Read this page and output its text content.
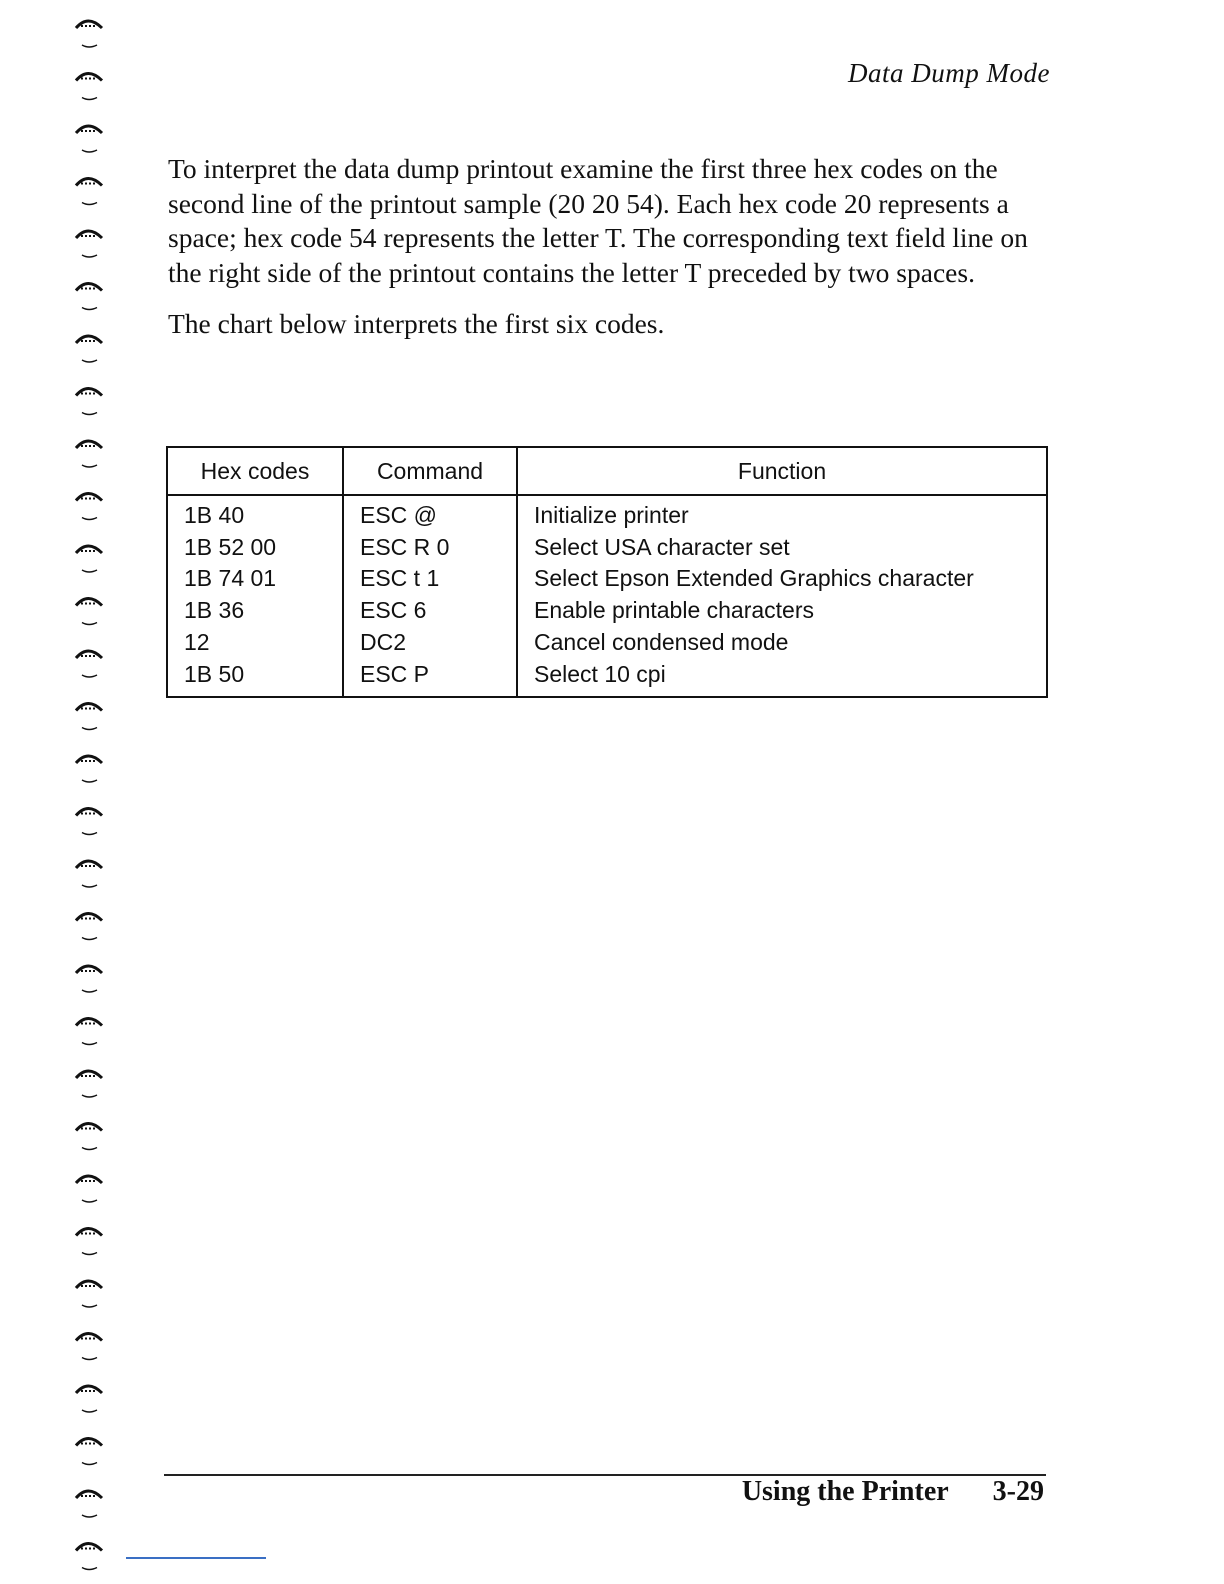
Data Dump Mode

To interpret the data dump printout examine the first three hex codes on the second line of the printout sample (20 20 54). Each hex code 20 represents a space; hex code 54 represents the letter T. The corresponding text field line on the right side of the printout contains the letter T preceded by two spaces.

The chart below interprets the first six codes.

Hex codes	Command	Function
1B 40	ESC @	Initialize printer
1B 52 00	ESC R 0	Select USA character set
1B 74 01	ESC t 1	Select Epson Extended Graphics character
1B 36	ESC 6	Enable printable characters
12	DC2	Cancel condensed mode
1B 50	ESC P	Select 10 cpi
Using the Printer 3-29
